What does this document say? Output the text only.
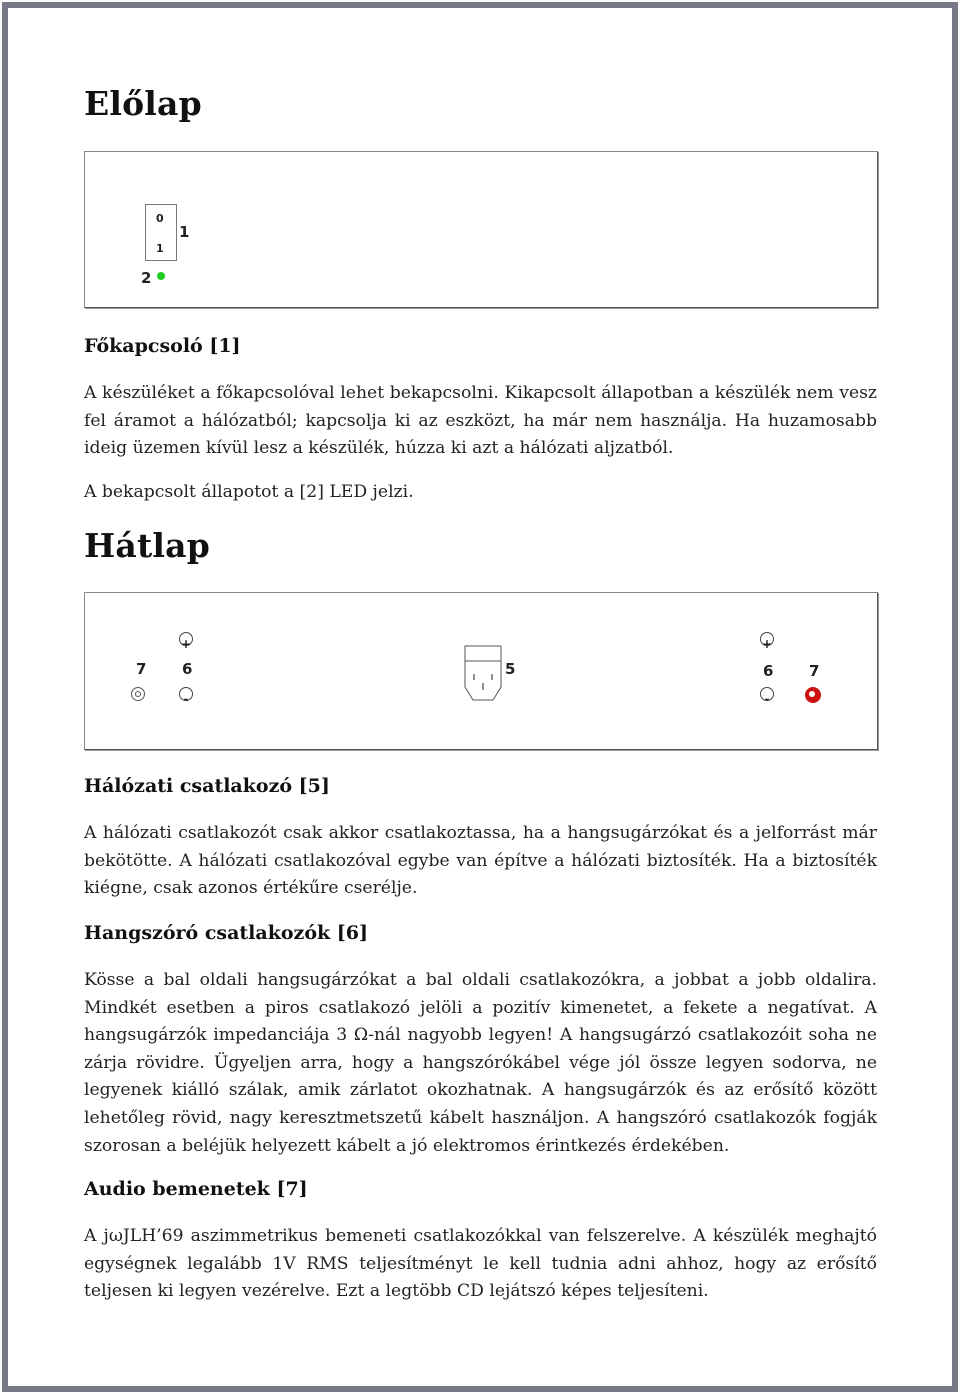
Előlap
0
1
1
2
Főkapcsoló [1]

A készüléket a főkapcsolóval lehet bekapcsolni. Kikapcsolt állapotban a készülék nem vesz fel áramot a hálózatból; kapcsolja ki az eszközt, ha már nem használja. Ha huzamosabb ideig üzemen kívül lesz a készülék, húzza ki azt a hálózati aljzatból.

A bekapcsolt állapotot a [2] LED jelzi.

Hátlap
7
+
6
-
5
+
6
-
7
Hálózati csatlakozó [5]

A hálózati csatlakozót csak akkor csatlakoztassa, ha a hangsugárzókat és a jelforrást már bekötötte. A hálózati csatlakozóval egybe van építve a hálózati biztosíték. Ha a biztosíték kiégne, csak azonos értékűre cserélje.

Hangszóró csatlakozók [6]

Kösse a bal oldali hangsugárzókat a bal oldali csatlakozókra, a jobbat a jobb oldalira. Mindkét esetben a piros csatlakozó jelöli a pozitív kimenetet, a fekete a negatívat. A hangsugárzók impedanciája 3 Ω-nál nagyobb legyen! A hangsugárzó csatlakozóit soha ne zárja rövidre. Ügyeljen arra, hogy a hangszórókábel vége jól össze legyen sodorva, ne legyenek kiálló szálak, amik zárlatot okozhatnak. A hangsugárzók és az erősítő között lehetőleg rövid, nagy keresztmetszetű kábelt használjon. A hangszóró csatlakozók fogják szorosan a beléjük helyezett kábelt a jó elektromos érintkezés érdekében.

Audio bemenetek [7]

A jωJLH’69 aszimmetrikus bemeneti csatlakozókkal van felszerelve. A készülék meghajtó egységnek legalább 1V RMS teljesítményt le kell tudnia adni ahhoz, hogy az erősítő teljesen ki legyen vezérelve. Ezt a legtöbb CD lejátszó képes teljesíteni.
